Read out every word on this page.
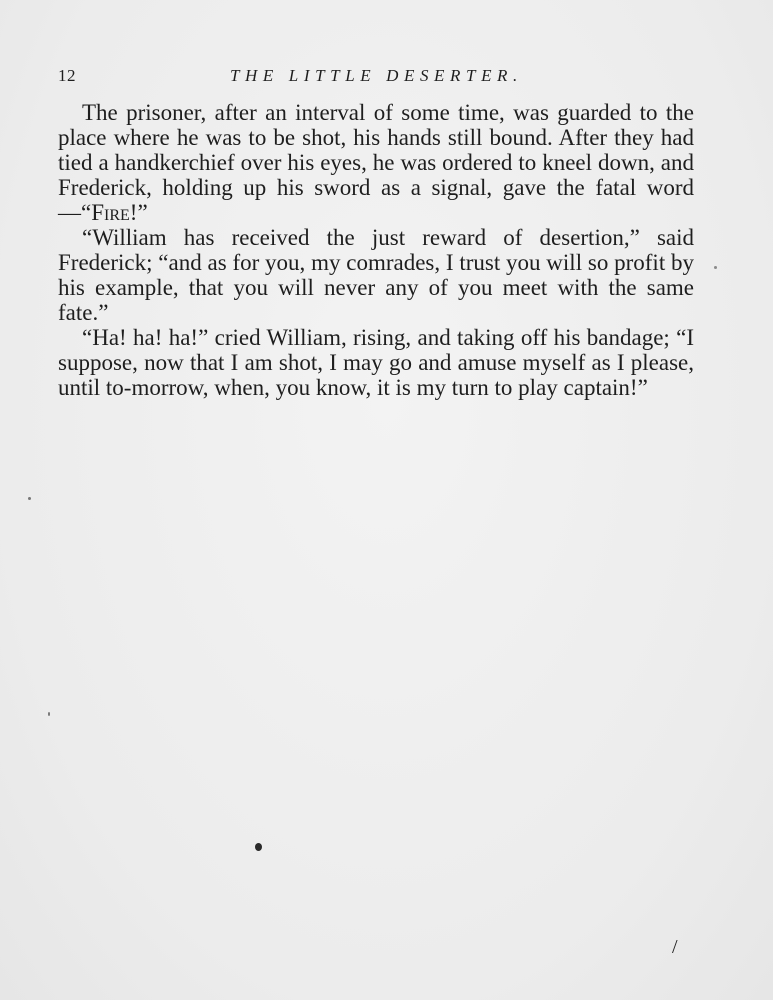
12	THE LITTLE DESERTER.

The prisoner, after an interval of some time, was guarded to the place where he was to be shot, his hands still bound. After they had tied a handkerchief over his eyes, he was ordered to kneel down, and Frederick, holding up his sword as a signal, gave the fatal word—“Fire!”

“William has received the just reward of desertion,” said Frederick; “and as for you, my comrades, I trust you will so profit by his example, that you will never any of you meet with the same fate.”

“Ha! ha! ha!” cried William, rising, and taking off his bandage; “I suppose, now that I am shot, I may go and amuse myself as I please, until to-morrow, when, you know, it is my turn to play captain!”

/
